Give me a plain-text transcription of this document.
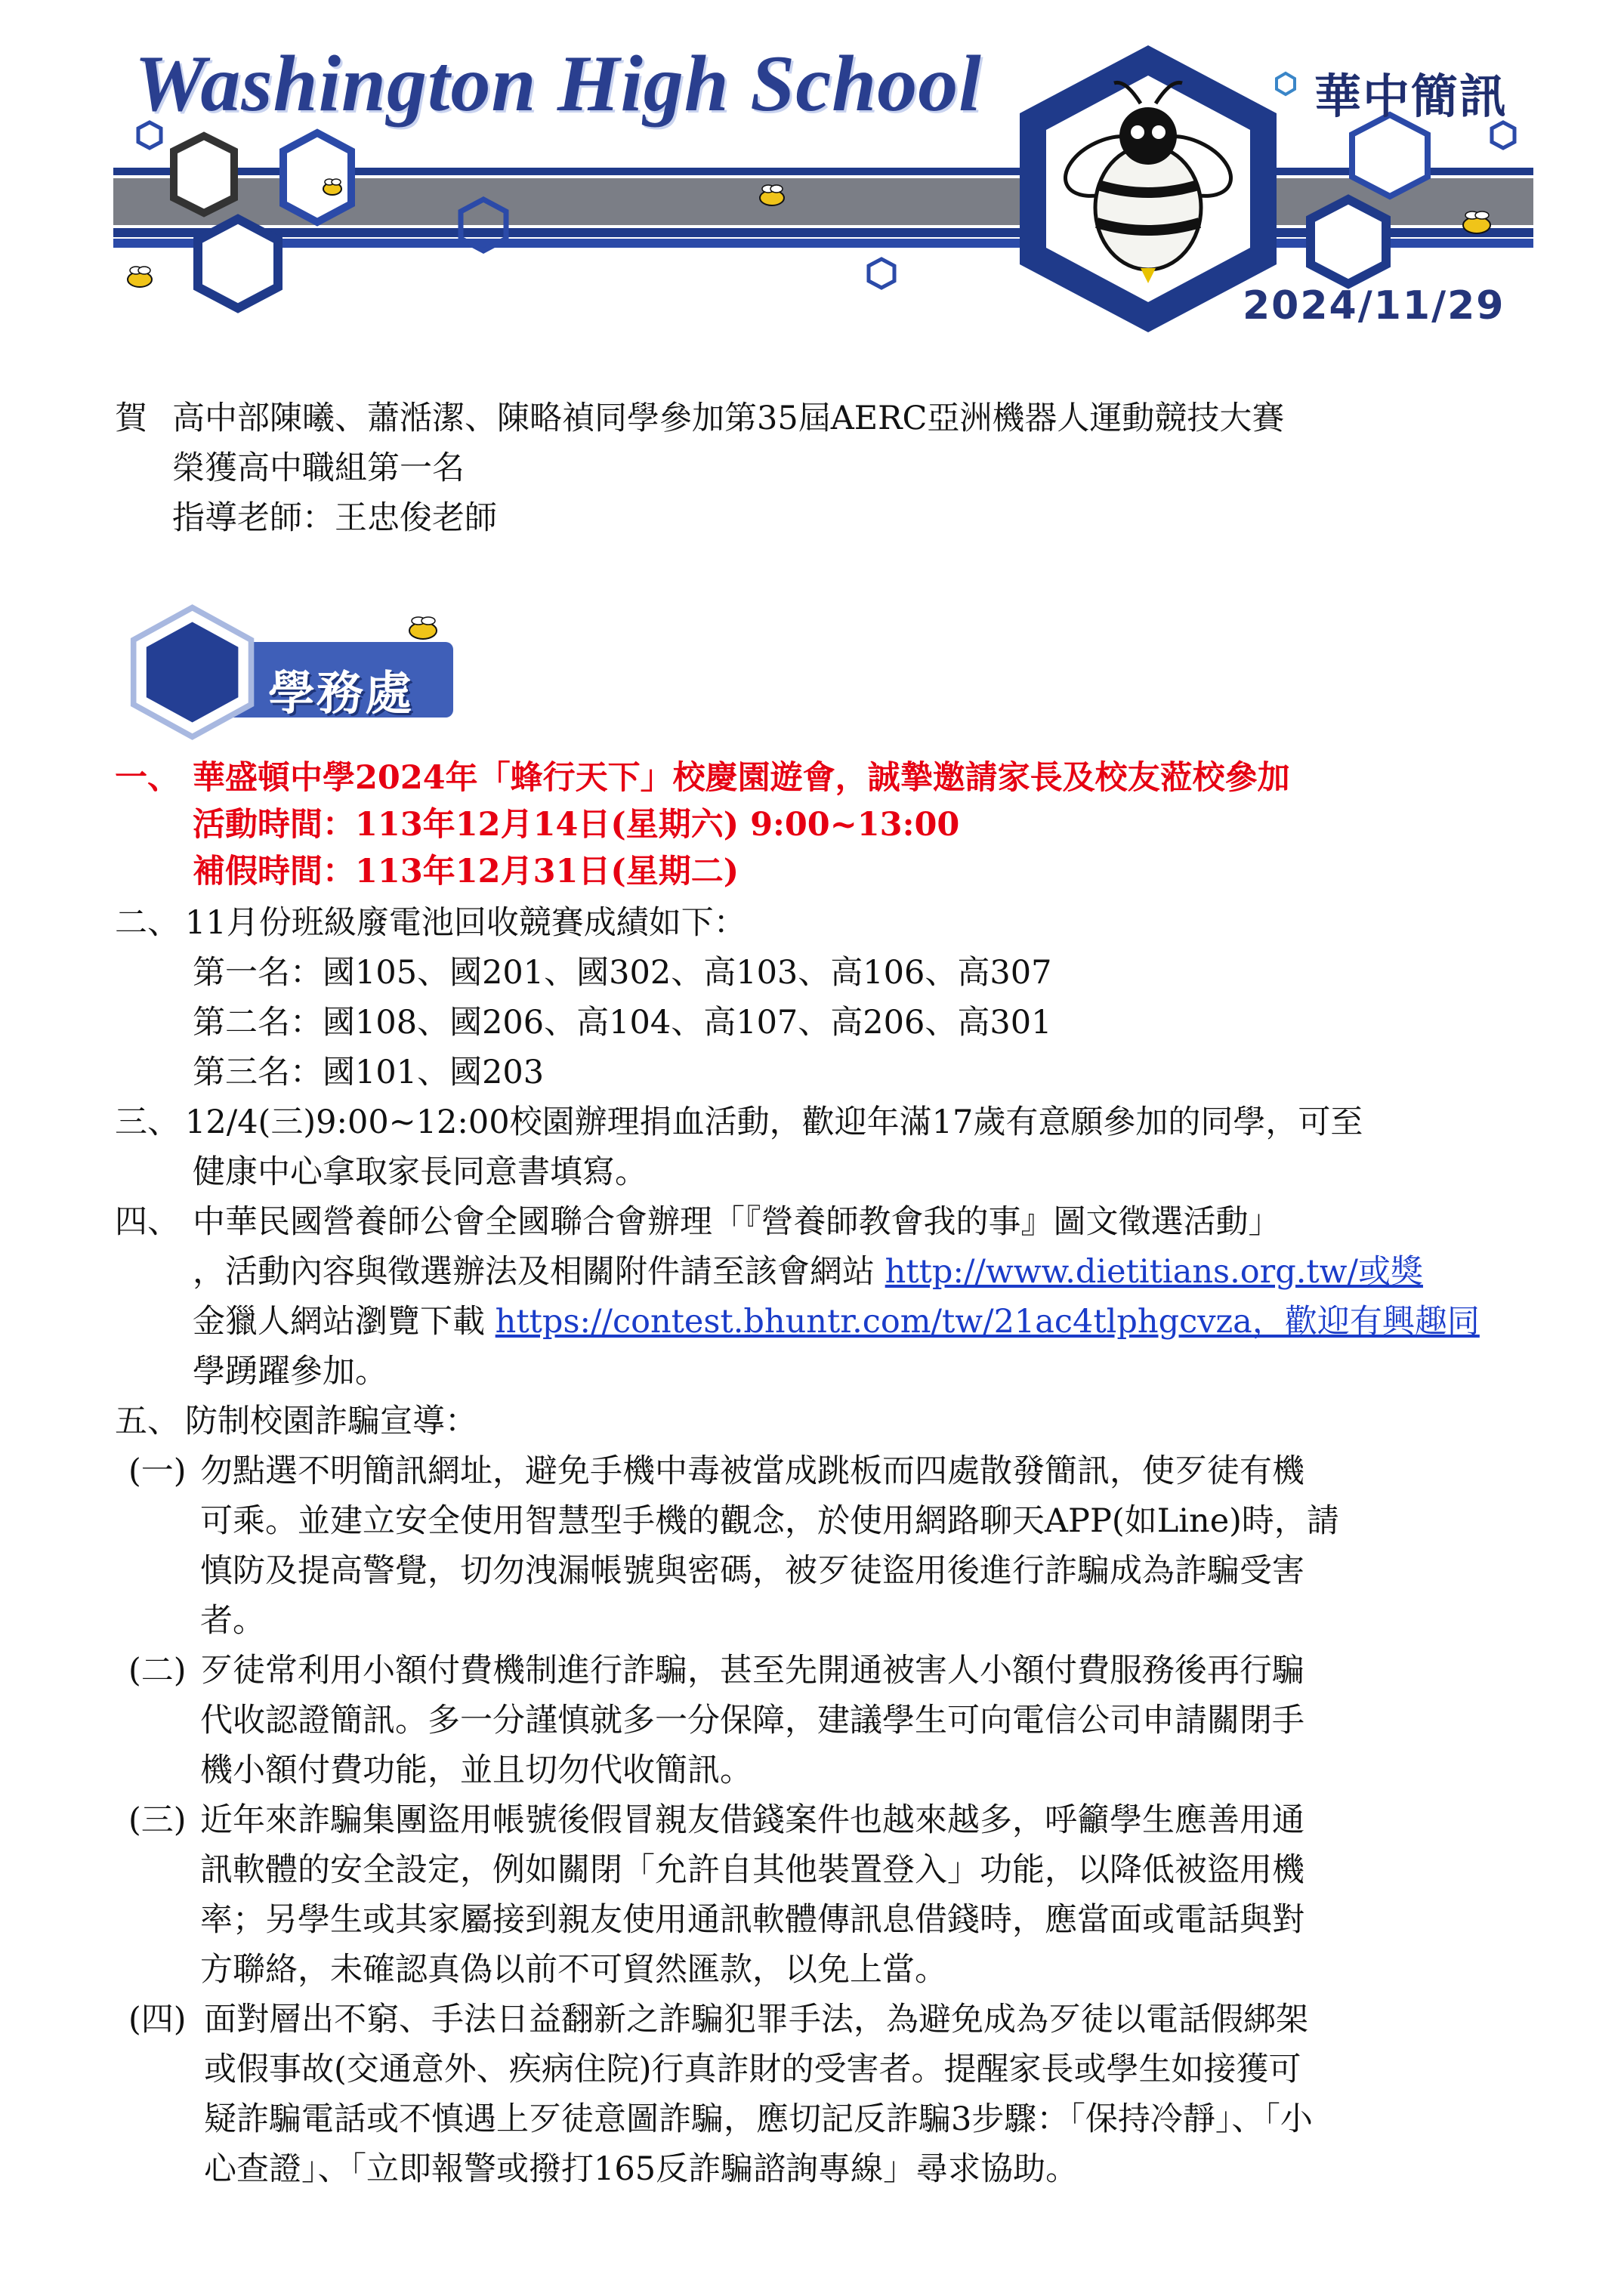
Washington High School	華中簡訊
2024/11/29
賀 高中部陳曦、蕭湉潔、陳略禎同學參加第35屆AERC亞洲機器人運動競技大賽
榮獲高中職組第一名
指導老師：王忠俊老師
學務處
一、 華盛頓中學2024年「蜂行天下」校慶園遊會，誠摯邀請家長及校友蒞校參加
活動時間：113年12月14日(星期六) 9:00~13:00
補假時間：113年12月31日(星期二)
二、 11月份班級廢電池回收競賽成績如下：
第一名：國105、國201、國302、高103、高106、高307
第二名：國108、國206、高104、高107、高206、高301
第三名：國101、國203
三、 12/4(三)9:00~12:00校園辦理捐血活動，歡迎年滿17歲有意願參加的同學，可至
健康中心拿取家長同意書填寫。
四、 中華民國營養師公會全國聯合會辦理「『營養師教會我的事』圖文徵選活動」
，活動內容與徵選辦法及相關附件請至該會網站 http://www.dietitians.org.tw/或獎
金獵人網站瀏覽下載 https://contest.bhuntr.com/tw/21ac4tlphgcvza，歡迎有興趣同
學踴躍參加。
五、 防制校園詐騙宣導：
(一) 勿點選不明簡訊網址，避免手機中毒被當成跳板而四處散發簡訊，使歹徒有機
可乘。並建立安全使用智慧型手機的觀念，於使用網路聊天APP(如Line)時，請
慎防及提高警覺，切勿洩漏帳號與密碼，被歹徒盜用後進行詐騙成為詐騙受害
者。
(二) 歹徒常利用小額付費機制進行詐騙，甚至先開通被害人小額付費服務後再行騙
代收認證簡訊。多一分謹慎就多一分保障，建議學生可向電信公司申請關閉手
機小額付費功能，並且切勿代收簡訊。
(三) 近年來詐騙集團盜用帳號後假冒親友借錢案件也越來越多，呼籲學生應善用通
訊軟體的安全設定，例如關閉「允許自其他裝置登入」功能，以降低被盜用機
率；另學生或其家屬接到親友使用通訊軟體傳訊息借錢時，應當面或電話與對
方聯絡，未確認真偽以前不可貿然匯款，以免上當。
(四) 面對層出不窮、手法日益翻新之詐騙犯罪手法，為避免成為歹徒以電話假綁架
或假事故(交通意外、疾病住院)行真詐財的受害者。提醒家長或學生如接獲可
疑詐騙電話或不慎遇上歹徒意圖詐騙，應切記反詐騙3步驟：「保持冷靜」、「小
心查證」、「立即報警或撥打165反詐騙諮詢專線」尋求協助。
